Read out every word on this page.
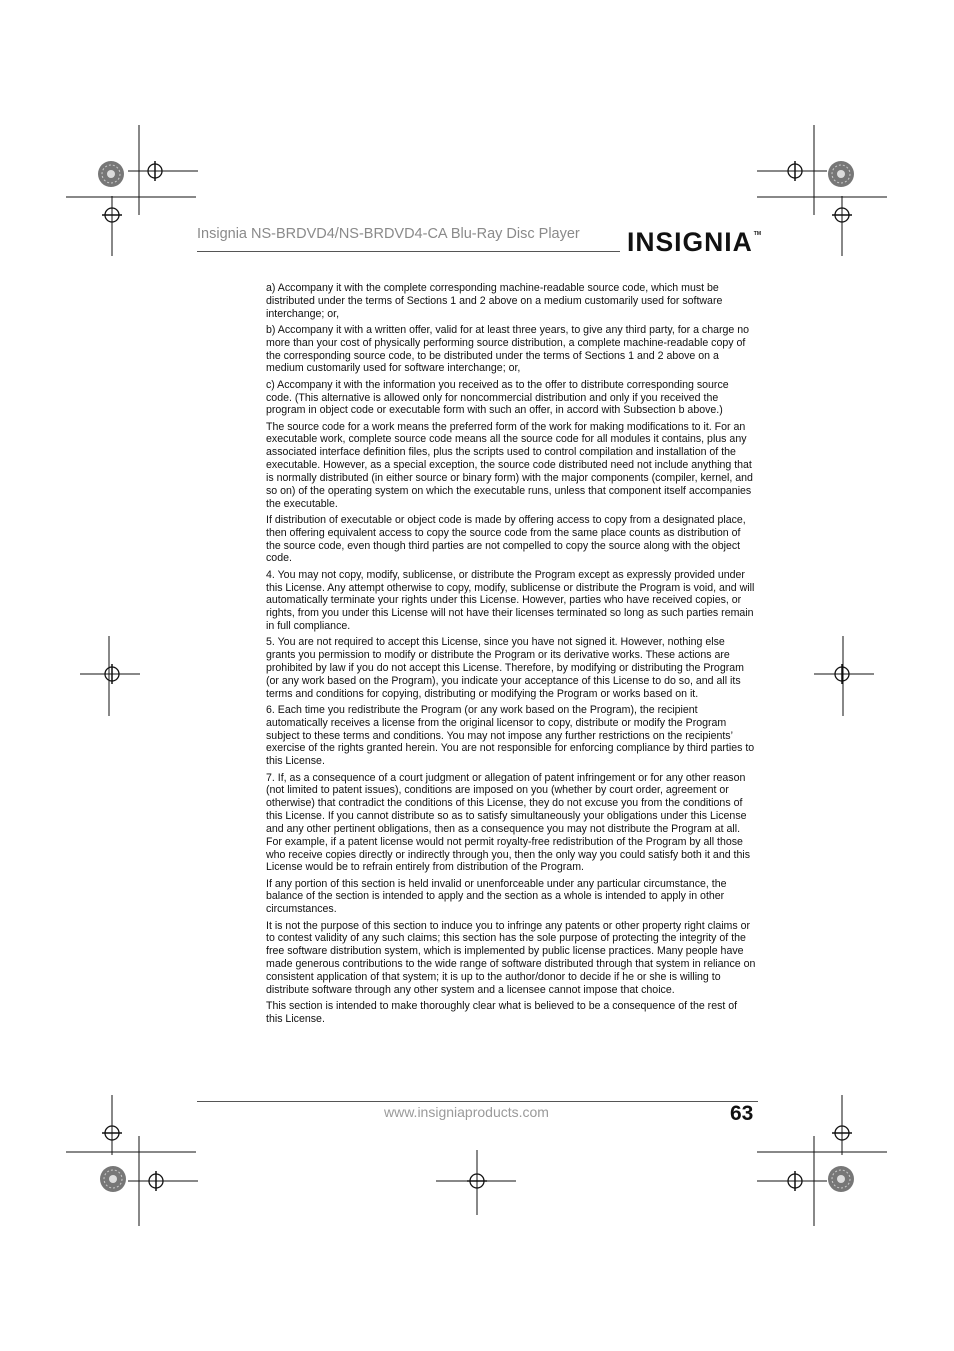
Insignia NS-BRDVD4/NS-BRDVD4-CA Blu-Ray Disc Player INSIGNIA TM

a) Accompany it with the complete corresponding machine-readable source code, which must be distributed under the terms of Sections 1 and 2 above on a medium customarily used for software interchange; or,

b) Accompany it with a written offer, valid for at least three years, to give any third party, for a charge no more than your cost of physically performing source distribution, a complete machine-readable copy of the corresponding source code, to be distributed under the terms of Sections 1 and 2 above on a medium customarily used for software interchange; or,

c) Accompany it with the information you received as to the offer to distribute corresponding source code. (This alternative is allowed only for noncommercial distribution and only if you received the program in object code or executable form with such an offer, in accord with Subsection b above.)

The source code for a work means the preferred form of the work for making modifications to it. For an executable work, complete source code means all the source code for all modules it contains, plus any associated interface definition files, plus the scripts used to control compilation and installation of the executable. However, as a special exception, the source code distributed need not include anything that is normally distributed (in either source or binary form) with the major components (compiler, kernel, and so on) of the operating system on which the executable runs, unless that component itself accompanies the executable.

If distribution of executable or object code is made by offering access to copy from a designated place, then offering equivalent access to copy the source code from the same place counts as distribution of the source code, even though third parties are not compelled to copy the source along with the object code.

4. You may not copy, modify, sublicense, or distribute the Program except as expressly provided under this License. Any attempt otherwise to copy, modify, sublicense or distribute the Program is void, and will automatically terminate your rights under this License. However, parties who have received copies, or rights, from you under this License will not have their licenses terminated so long as such parties remain in full compliance.

5. You are not required to accept this License, since you have not signed it. However, nothing else grants you permission to modify or distribute the Program or its derivative works. These actions are prohibited by law if you do not accept this License. Therefore, by modifying or distributing the Program (or any work based on the Program), you indicate your acceptance of this License to do so, and all its terms and conditions for copying, distributing or modifying the Program or works based on it.

6. Each time you redistribute the Program (or any work based on the Program), the recipient automatically receives a license from the original licensor to copy, distribute or modify the Program subject to these terms and conditions. You may not impose any further restrictions on the recipients’ exercise of the rights granted herein. You are not responsible for enforcing compliance by third parties to this License.

7. If, as a consequence of a court judgment or allegation of patent infringement or for any other reason (not limited to patent issues), conditions are imposed on you (whether by court order, agreement or otherwise) that contradict the conditions of this License, they do not excuse you from the conditions of this License. If you cannot distribute so as to satisfy simultaneously your obligations under this License and any other pertinent obligations, then as a consequence you may not distribute the Program at all. For example, if a patent license would not permit royalty-free redistribution of the Program by all those who receive copies directly or indirectly through you, then the only way you could satisfy both it and this License would be to refrain entirely from distribution of the Program.

If any portion of this section is held invalid or unenforceable under any particular circumstance, the balance of the section is intended to apply and the section as a whole is intended to apply in other circumstances.

It is not the purpose of this section to induce you to infringe any patents or other property right claims or to contest validity of any such claims; this section has the sole purpose of protecting the integrity of the free software distribution system, which is implemented by public license practices. Many people have made generous contributions to the wide range of software distributed through that system in reliance on consistent application of that system; it is up to the author/donor to decide if he or she is willing to distribute software through any other system and a licensee cannot impose that choice.

This section is intended to make thoroughly clear what is believed to be a consequence of the rest of this License.

www.insigniaproducts.com	63
